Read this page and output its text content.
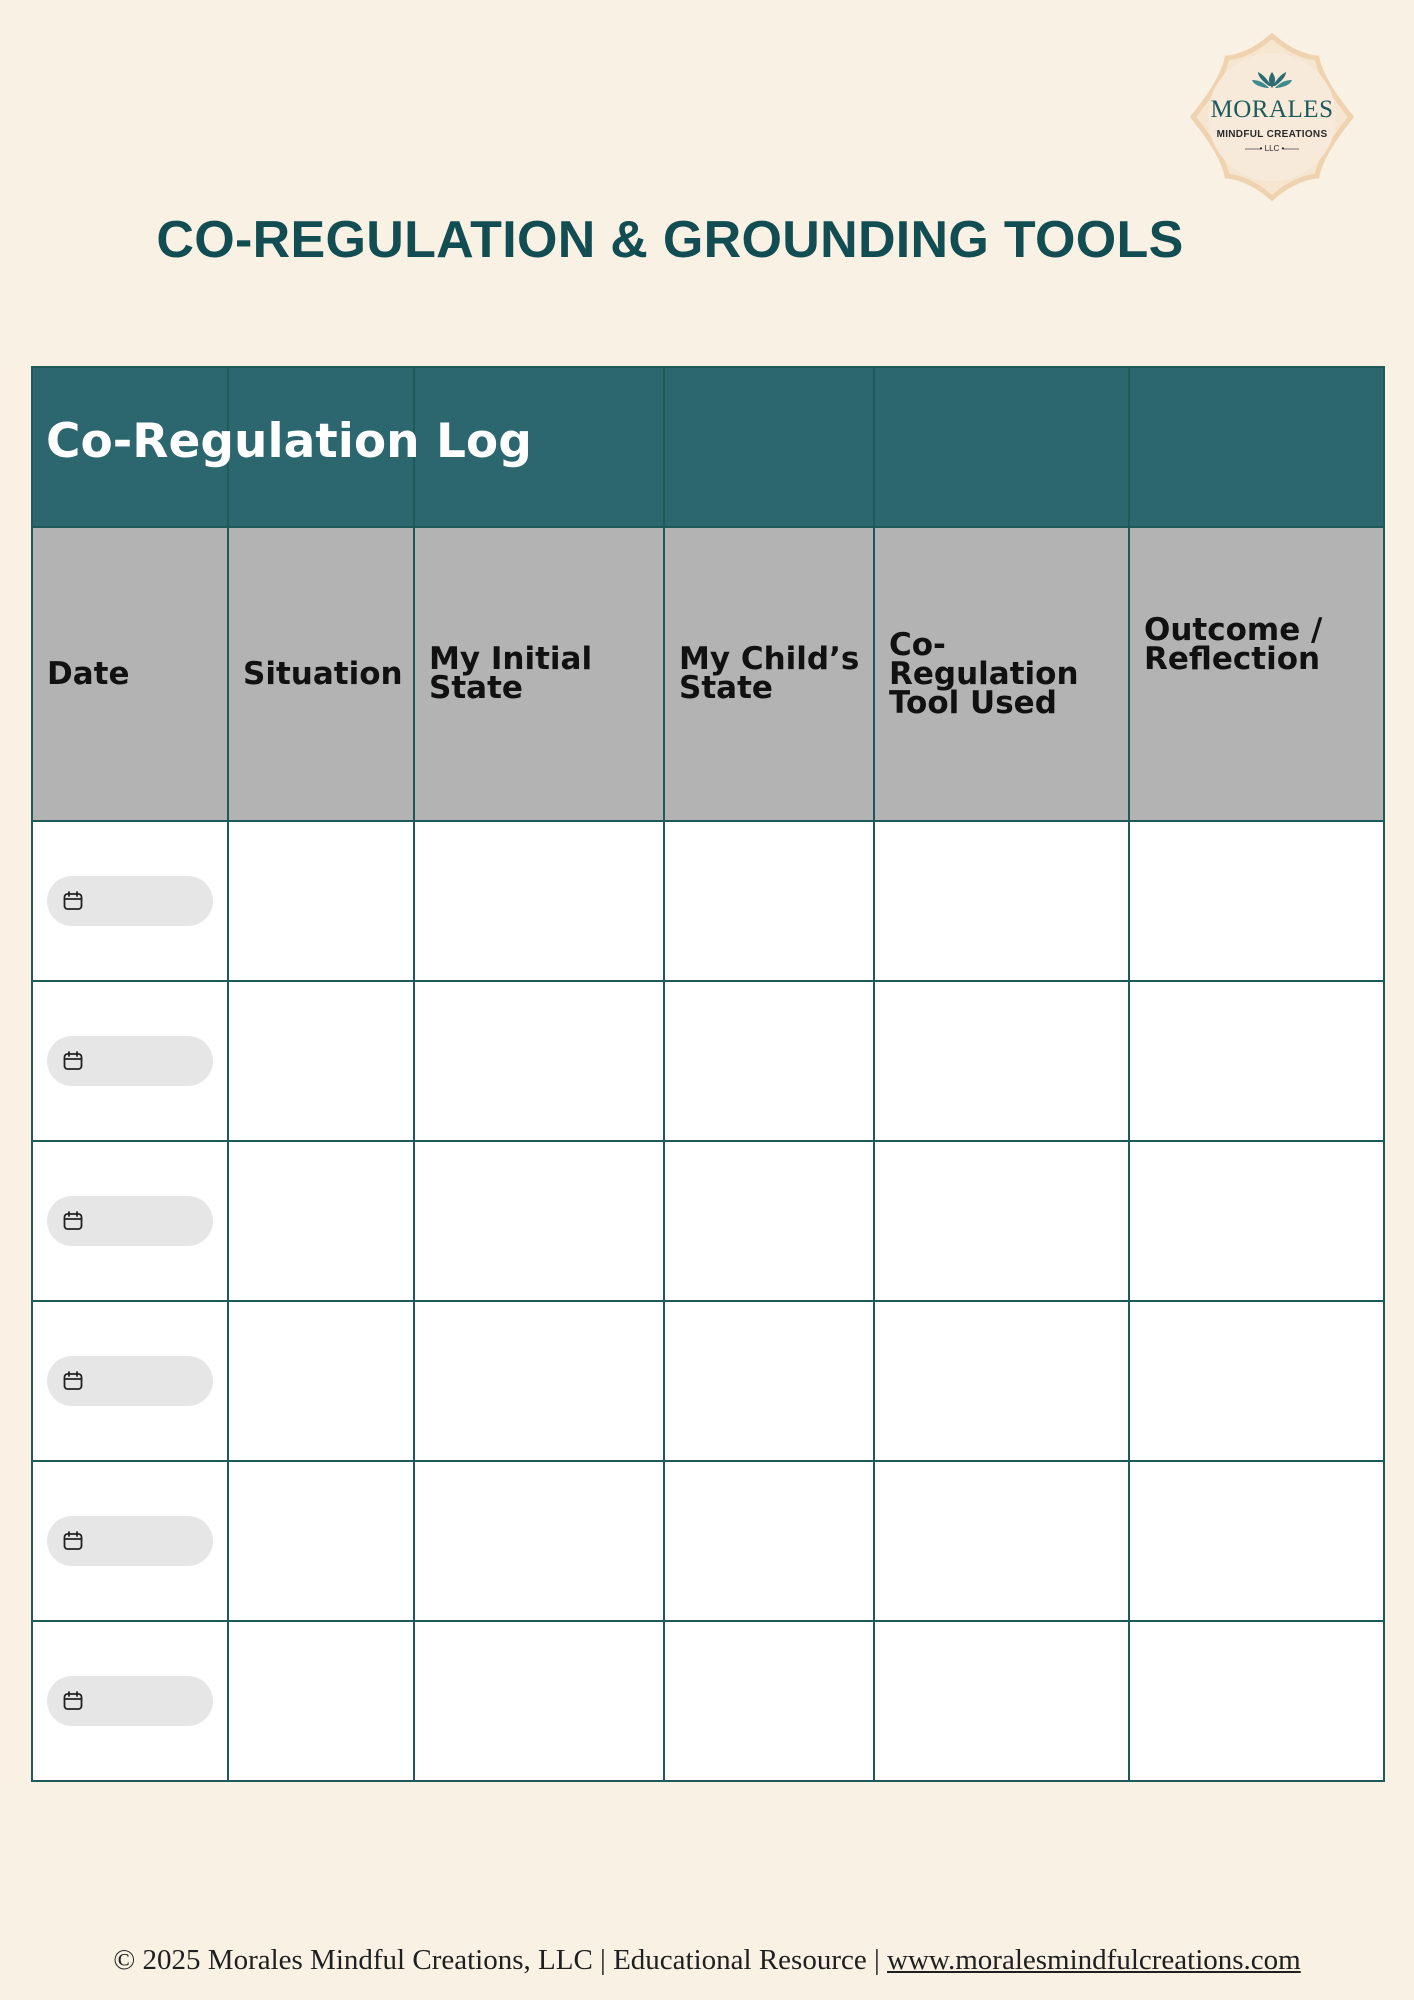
MORALES
MINDFUL CREATIONS
• LLC •
CO-REGULATION & GROUNDING TOOLS

Date	Situation	My Initial State	My Child’s State	Co-Regulation Tool Used	Outcome / Reflection

Co-Regulation Log
© 2025 Morales Mindful Creations, LLC | Educational Resource | www.moralesmindfulcreations.com
